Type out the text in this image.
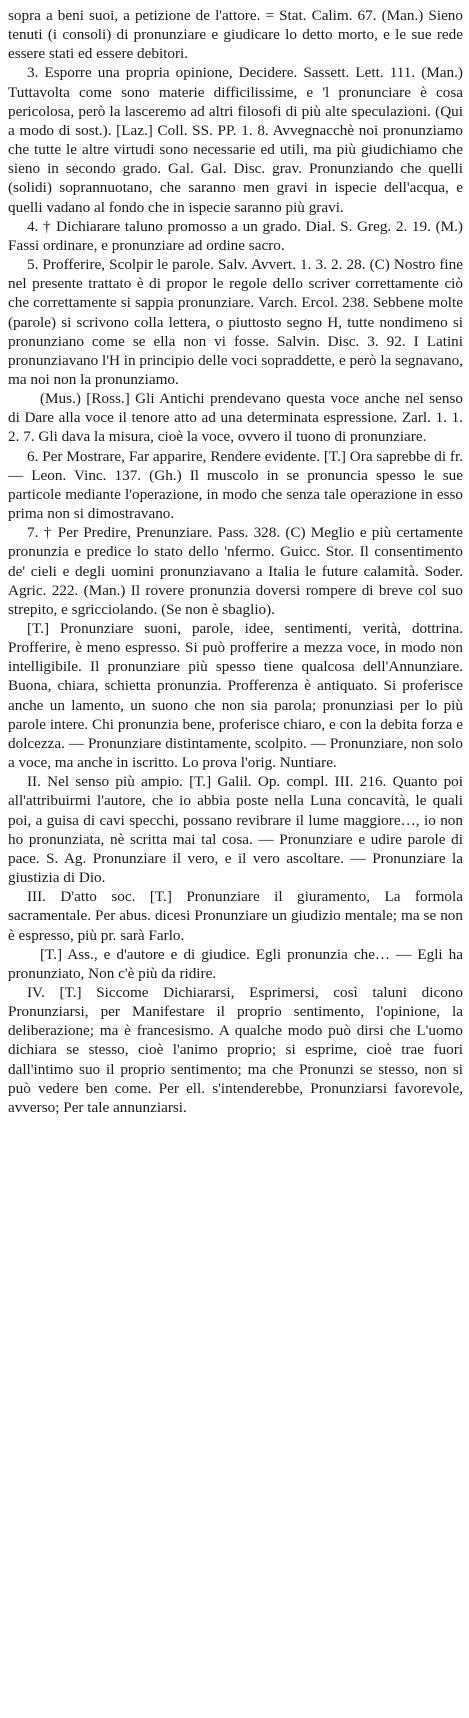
sopra a beni suoi, a petizione de l'attore. = Stat. Calim. 67. (Man.) Sieno tenuti (i consoli) di pronunziare e giudicare lo detto morto, e le sue rede essere stati ed essere debitori.

3. Esporre una propria opinione, Decidere. Sassett. Lett. 111. (Man.) Tuttavolta come sono materie difficilissime, e 'l pronunciare è cosa pericolosa, però la lasceremo ad altri filosofi di più alte speculazioni. (Qui a modo di sost.). [Laz.] Coll. SS. PP. 1. 8. Avvegnacchè noi pronunziamo che tutte le altre virtudi sono necessarie ed utili, ma più giudichiamo che sieno in secondo grado. Gal. Gal. Disc. grav. Pronunziando che quelli (solidi) soprannuotano, che saranno men gravi in ispecie dell'acqua, e quelli vadano al fondo che in ispecie saranno più gravi.

4. † Dichiarare taluno promosso a un grado. Dial. S. Greg. 2. 19. (M.) Fassi ordinare, e pronunziare ad ordine sacro.

5. Profferire, Scolpir le parole. Salv. Avvert. 1. 3. 2. 28. (C) Nostro fine nel presente trattato è di propor le regole dello scriver correttamente ciò che correttamente si sappia pronunziare. Varch. Ercol. 238. Sebbene molte (parole) si scrivono colla lettera, o piuttosto segno H, tutte nondimeno si pronunziano come se ella non vi fosse. Salvin. Disc. 3. 92. I Latini pronunziavano l'H in principio delle voci sopraddette, e però la segnavano, ma noi non la pronunziamo.

(Mus.) [Ross.] Gli Antichi prendevano questa voce anche nel senso di Dare alla voce il tenore atto ad una determinata espressione. Zarl. 1. 1. 2. 7. Gli dava la misura, cioè la voce, ovvero il tuono di pronunziare.

6. Per Mostrare, Far apparire, Rendere evidente. [T.] Ora saprebbe di fr. — Leon. Vinc. 137. (Gh.) Il muscolo in se pronuncia spesso le sue particole mediante l'operazione, in modo che senza tale operazione in esso prima non si dimostravano.

7. † Per Predire, Prenunziare. Pass. 328. (C) Meglio e più certamente pronunzia e predice lo stato dello 'nfermo. Guicc. Stor. Il consentimento de' cieli e degli uomini pronunziavano a Italia le future calamità. Soder. Agric. 222. (Man.) Il rovere pronunzia doversi rompere di breve col suo strepito, e sgricciolando. (Se non è sbaglio).

[T.] Pronunziare suoni, parole, idee, sentimenti, verità, dottrina. Profferire, è meno espresso. Si può profferire a mezza voce, in modo non intelligibile. Il pronunziare più spesso tiene qualcosa dell'Annunziare. Buona, chiara, schietta pronunzia. Profferenza è antiquato. Si proferisce anche un lamento, un suono che non sia parola; pronunziasi per lo più parole intere. Chi pronunzia bene, proferisce chiaro, e con la debita forza e dolcezza. — Pronunziare distintamente, scolpito. — Pronunziare, non solo a voce, ma anche in iscritto. Lo prova l'orig. Nuntiare.

II. Nel senso più ampio. [T.] Galil. Op. compl. III. 216. Quanto poi all'attribuirmi l'autore, che io abbia poste nella Luna concavità, le quali poi, a guisa di cavi specchi, possano revibrare il lume maggiore…, io non ho pronunziata, nè scritta mai tal cosa. — Pronunziare e udire parole di pace. S. Ag. Pronunziare il vero, e il vero ascoltare. — Pronunziare la giustizia di Dio.

III. D'atto soc. [T.] Pronunziare il giuramento, La formola sacramentale. Per abus. dicesi Pronunziare un giudizio mentale; ma se non è espresso, più pr. sarà Farlo.

[T.] Ass., e d'autore e di giudice. Egli pronunzia che… — Egli ha pronunziato, Non c'è più da ridire.

IV. [T.] Siccome Dichiararsi, Esprimersi, così taluni dicono Pronunziarsi, per Manifestare il proprio sentimento, l'opinione, la deliberazione; ma è francesismo. A qualche modo può dirsi che L'uomo dichiara se stesso, cioè l'animo proprio; si esprime, cioè trae fuori dall'intimo suo il proprio sentimento; ma che Pronunzi se stesso, non si può vedere ben come. Per ell. s'intenderebbe, Pronunziarsi favorevole, avverso; Per tale annunziarsi.
